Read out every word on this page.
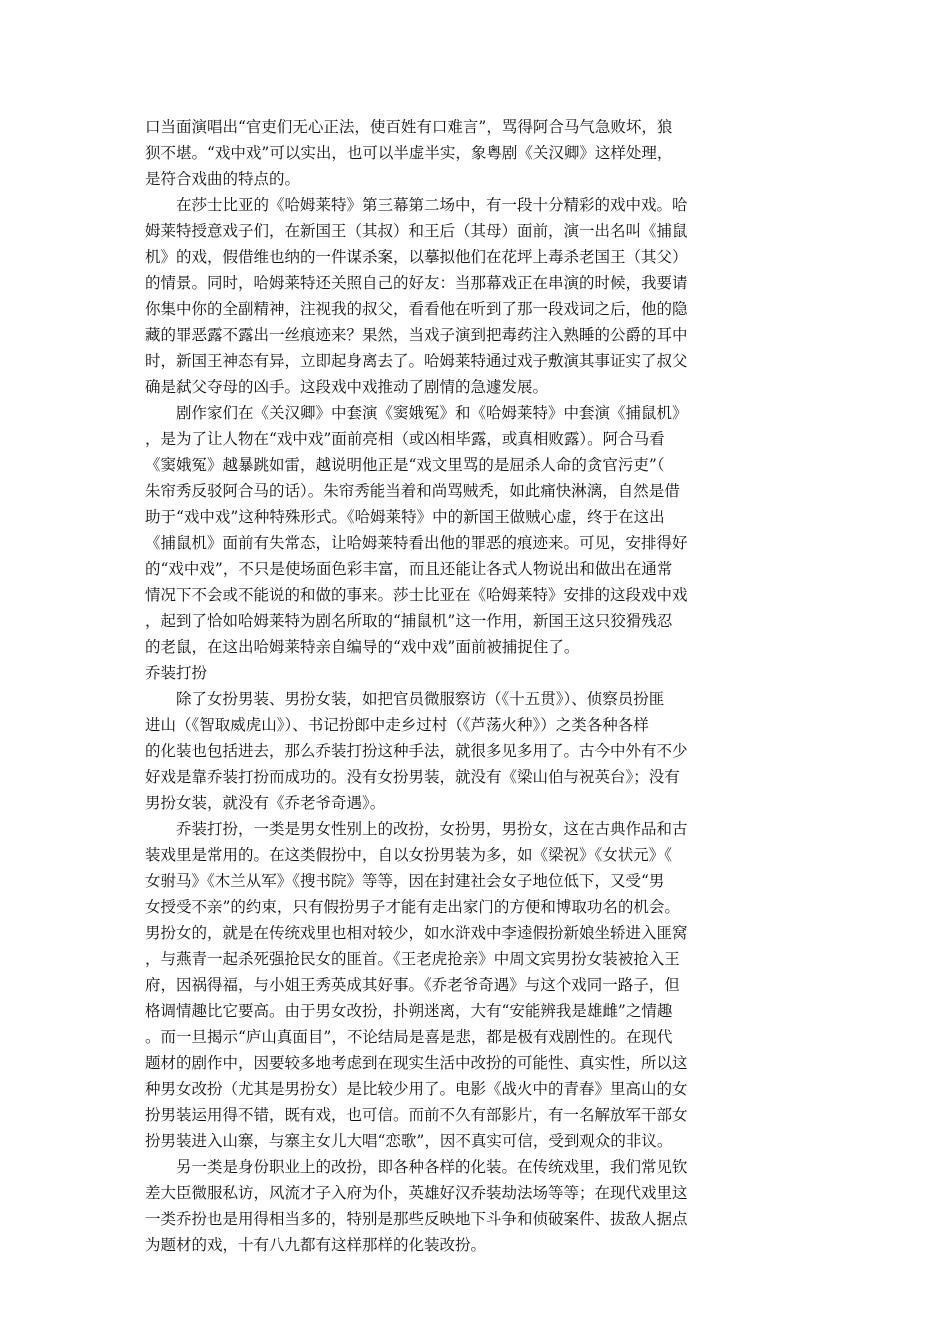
口当面演唱出“官吏们无心正法，使百姓有口难言”，骂得阿合马气急败坏，狼
狈不堪。“戏中戏”可以实出，也可以半虚半实，象粤剧《关汉卿》这样处理，
是符合戏曲的特点的。
在莎士比亚的《哈姆莱特》第三幕第二场中，有一段十分精彩的戏中戏。哈
姆莱特授意戏子们，在新国王（其叔）和王后（其母）面前，演一出名叫《捕鼠
机》的戏，假借维也纳的一件谋杀案，以摹拟他们在花坪上毒杀老国王（其父）
的情景。同时，哈姆莱特还关照自己的好友：当那幕戏正在串演的时候，我要请
你集中你的全副精神，注视我的叔父，看看他在听到了那一段戏词之后，他的隐
藏的罪恶露不露出一丝痕迹来？果然，当戏子演到把毒药注入熟睡的公爵的耳中
时，新国王神态有异，立即起身离去了。哈姆莱特通过戏子敷演其事证实了叔父
确是弑父夺母的凶手。这段戏中戏推动了剧情的急遽发展。
剧作家们在《关汉卿》中套演《窦娥冤》和《哈姆莱特》中套演《捕鼠机》
，是为了让人物在“戏中戏”面前亮相（或凶相毕露，或真相败露）。阿合马看
《窦娥冤》越暴跳如雷，越说明他正是“戏文里骂的是屈杀人命的贪官污吏”（
朱帘秀反驳阿合马的话）。朱帘秀能当着和尚骂贼秃，如此痛快淋漓，自然是借
助于“戏中戏”这种特殊形式。《哈姆莱特》中的新国王做贼心虚，终于在这出
《捕鼠机》面前有失常态，让哈姆莱特看出他的罪恶的痕迹来。可见，安排得好
的“戏中戏”，不只是使场面色彩丰富，而且还能让各式人物说出和做出在通常
情况下不会或不能说的和做的事来。莎士比亚在《哈姆莱特》安排的这段戏中戏
，起到了恰如哈姆莱特为剧名所取的“捕鼠机”这一作用，新国王这只狡猾残忍
的老鼠，在这出哈姆莱特亲自编导的“戏中戏”面前被捕捉住了。
乔装打扮
除了女扮男装、男扮女装，如把官员微服察访（《十五贯》）、侦察员扮匪
进山（《智取威虎山》）、书记扮郎中走乡过村（《芦荡火种》）之类各种各样
的化装也包括进去，那么乔装打扮这种手法，就很多见多用了。古今中外有不少
好戏是靠乔装打扮而成功的。没有女扮男装，就没有《梁山伯与祝英台》；没有
男扮女装，就没有《乔老爷奇遇》。
乔装打扮，一类是男女性别上的改扮，女扮男，男扮女，这在古典作品和古
装戏里是常用的。在这类假扮中，自以女扮男装为多，如《梁祝》《女状元》《
女驸马》《木兰从军》《搜书院》等等，因在封建社会女子地位低下，又受“男
女授受不亲”的约束，只有假扮男子才能有走出家门的方便和博取功名的机会。
男扮女的，就是在传统戏里也相对较少，如水浒戏中李逵假扮新娘坐轿进入匪窝
，与燕青一起杀死强抢民女的匪首。《王老虎抢亲》中周文宾男扮女装被抢入王
府，因祸得福，与小姐王秀英成其好事。《乔老爷奇遇》与这个戏同一路子，但
格调情趣比它要高。由于男女改扮，扑朔迷离，大有“安能辨我是雄雌”之情趣
。而一旦揭示“庐山真面目”，不论结局是喜是悲，都是极有戏剧性的。在现代
题材的剧作中，因要较多地考虑到在现实生活中改扮的可能性、真实性，所以这
种男女改扮（尤其是男扮女）是比较少用了。电影《战火中的青春》里高山的女
扮男装运用得不错，既有戏，也可信。而前不久有部影片，有一名解放军干部女
扮男装进入山寨，与寨主女儿大唱“恋歌”，因不真实可信，受到观众的非议。
另一类是身份职业上的改扮，即各种各样的化装。在传统戏里，我们常见钦
差大臣微服私访，风流才子入府为仆，英雄好汉乔装劫法场等等；在现代戏里这
一类乔扮也是用得相当多的，特别是那些反映地下斗争和侦破案件、拔敌人据点
为题材的戏，十有八九都有这样那样的化装改扮。
